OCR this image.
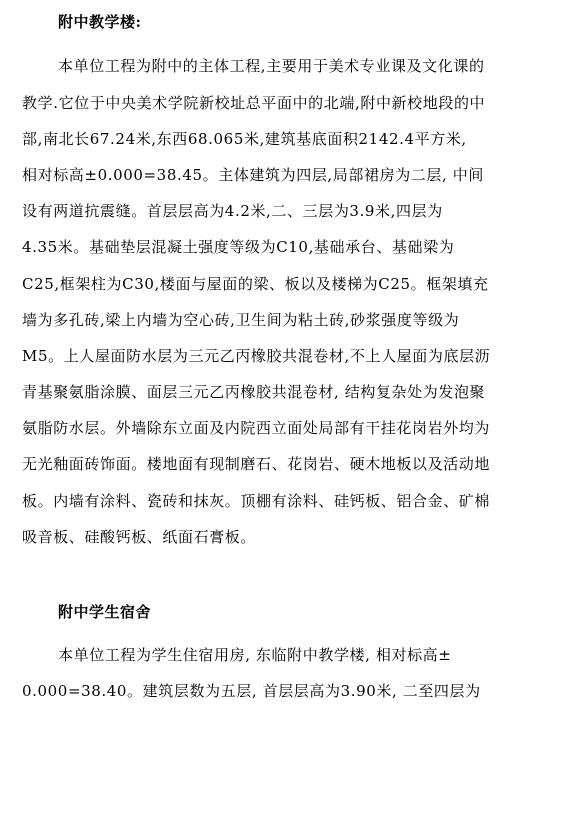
附中教学楼:
本单位工程为附中的主体工程,主要用于美术专业课及文化课的
教学.它位于中央美术学院新校址总平面中的北端,附中新校地段的中
部,南北长67.24米,东西68.065米,建筑基底面积2142.4平方米,
相对标高±0.000=38.45。主体建筑为四层,局部裙房为二层, 中间
设有两道抗震缝。首层层高为4.2米,二、三层为3.9米,四层为
4.35米。基础垫层混凝土强度等级为C10,基础承台、基础梁为
C25,框架柱为C30,楼面与屋面的梁、板以及楼梯为C25。框架填充
墙为多孔砖,梁上内墙为空心砖,卫生间为粘土砖,砂浆强度等级为
M5。上人屋面防水层为三元乙丙橡胶共混卷材,不上人屋面为底层沥
青基聚氨脂涂膜、面层三元乙丙橡胶共混卷材, 结构复杂处为发泡聚
氨脂防水层。外墙除东立面及内院西立面处局部有干挂花岗岩外均为
无光釉面砖饰面。楼地面有现制磨石、花岗岩、硬木地板以及活动地
板。内墙有涂料、瓷砖和抹灰。顶棚有涂料、硅钙板、铝合金、矿棉
吸音板、硅酸钙板、纸面石膏板。
附中学生宿舍
本单位工程为学生住宿用房, 东临附中教学楼, 相对标高±
0.000=38.40。建筑层数为五层, 首层层高为3.90米, 二至四层为
